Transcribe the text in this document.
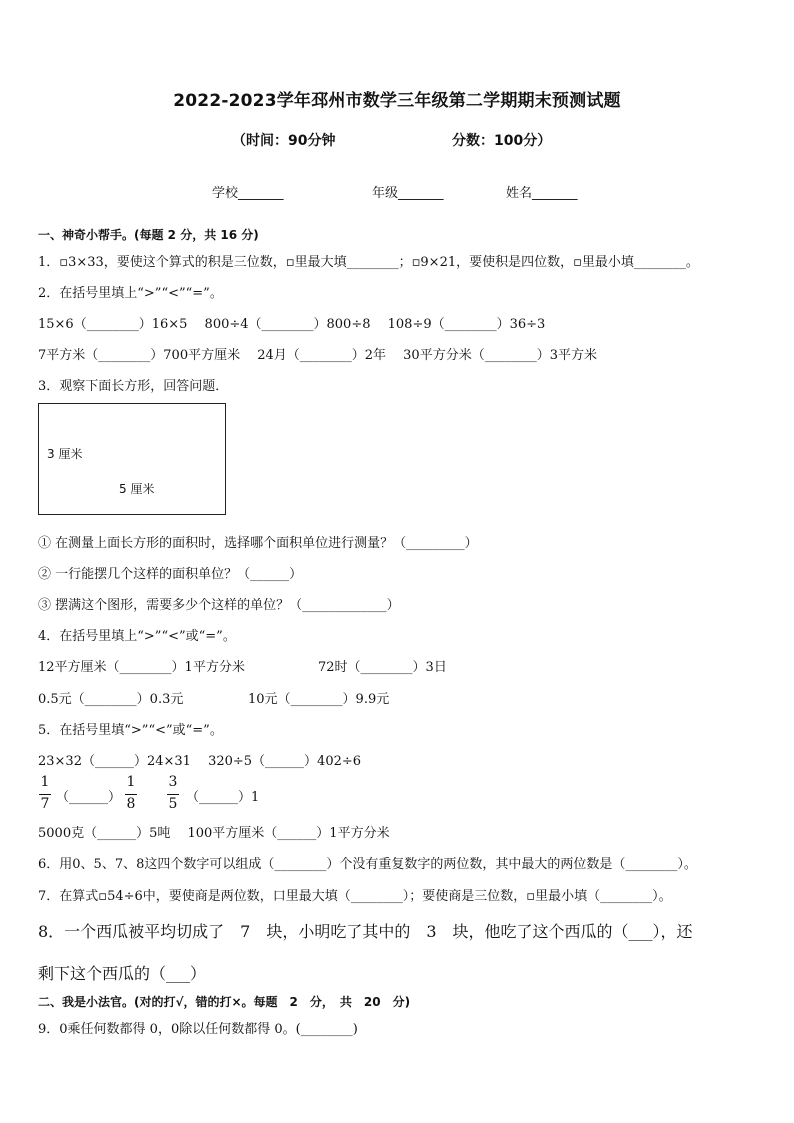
2022-2023学年邳州市数学三年级第二学期期末预测试题
（时间：90分钟	分数：100分）
学校_______	年级_______	姓名_______
一、神奇小帮手。(每题 2 分，共 16 分)
1．▫3×33，要使这个算式的积是三位数，▫里最大填________；▫9×21，要使积是四位数，▫里最小填________。
2．在括号里填上“>”“<”“=”。
15×6（________）16×5　 800÷4（________）800÷8　 108÷9（________）36÷3
7平方米（________）700平方厘米　 24月（________）2年　 30平方分米（________）3平方米
3．观察下面长方形，回答问题．
3 厘米
5 厘米
① 在测量上面长方形的面积时，选择哪个面积单位进行测量？（_________）
② 一行能摆几个这样的面积单位？（______）
③ 摆满这个图形，需要多少个这样的单位？（_____________）
4．在括号里填上“>”“<”或“=”。
12平方厘米（________）1平方分米	72时（________）3日
0.5元（________）0.3元	10元（________）9.9元
5．在括号里填“>”“<”或“=”。
23×32（______）24×31　 320÷5（______）402÷6
1
7 （______）
1
8
3
5 （______）1
5000克（______）5吨　 100平方厘米（______）1平方分米
6．用0、5、7、8这四个数字可以组成（________）个没有重复数字的两位数，其中最大的两位数是（________）。
7．在算式▫54÷6中，要使商是两位数，口里最大填（________）；要使商是三位数，▫里最小填（________）。
8．一个西瓜被平均切成了　7　块，小明吃了其中的　3　块，他吃了这个西瓜的（___），还
剩下这个西瓜的（___）
二、我是小法官。(对的打√，错的打×。每题　2　分，　共　20　分)
9．0乘任何数都得 0，0除以任何数都得 0。(________)
